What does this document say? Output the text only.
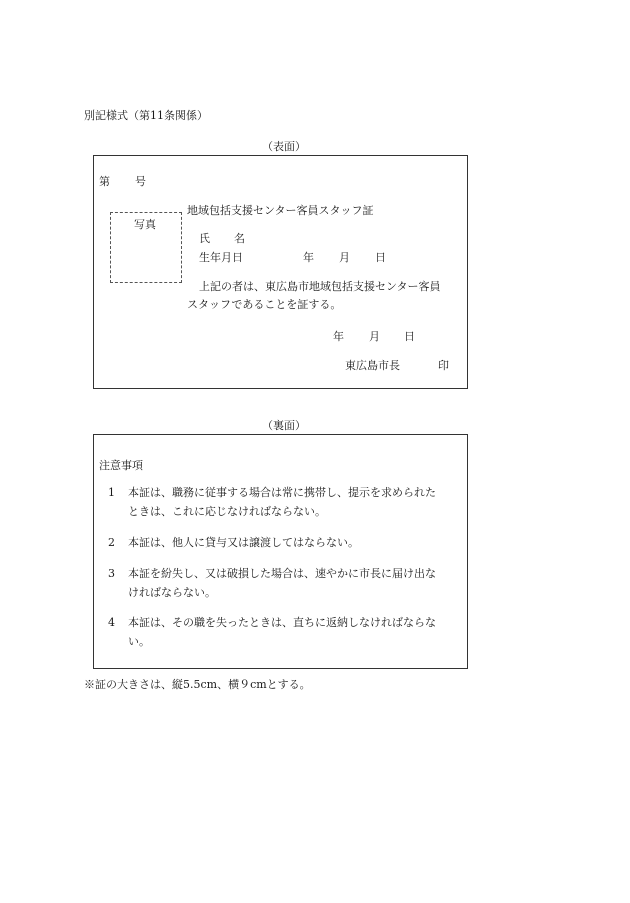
別記様式（第11条関係）
（表面）
第 号
写真
地域包括支援センター客員スタッフ証
氏 名
生年月日	年 月 日
上記の者は、東広島市地域包括支援センター客員
スタッフであることを証する。
年 月 日
東広島市長	印
（裏面）
注意事項
1 本証は、職務に従事する場合は常に携帯し、提示を求められた
ときは、これに応じなければならない。
2 本証は、他人に貸与又は譲渡してはならない。
3 本証を紛失し、又は破損した場合は、速やかに市長に届け出な
ければならない。
4 本証は、その職を失ったときは、直ちに返納しなければならな
い。
※証の大きさは、縦5.5cm、横９cmとする。
